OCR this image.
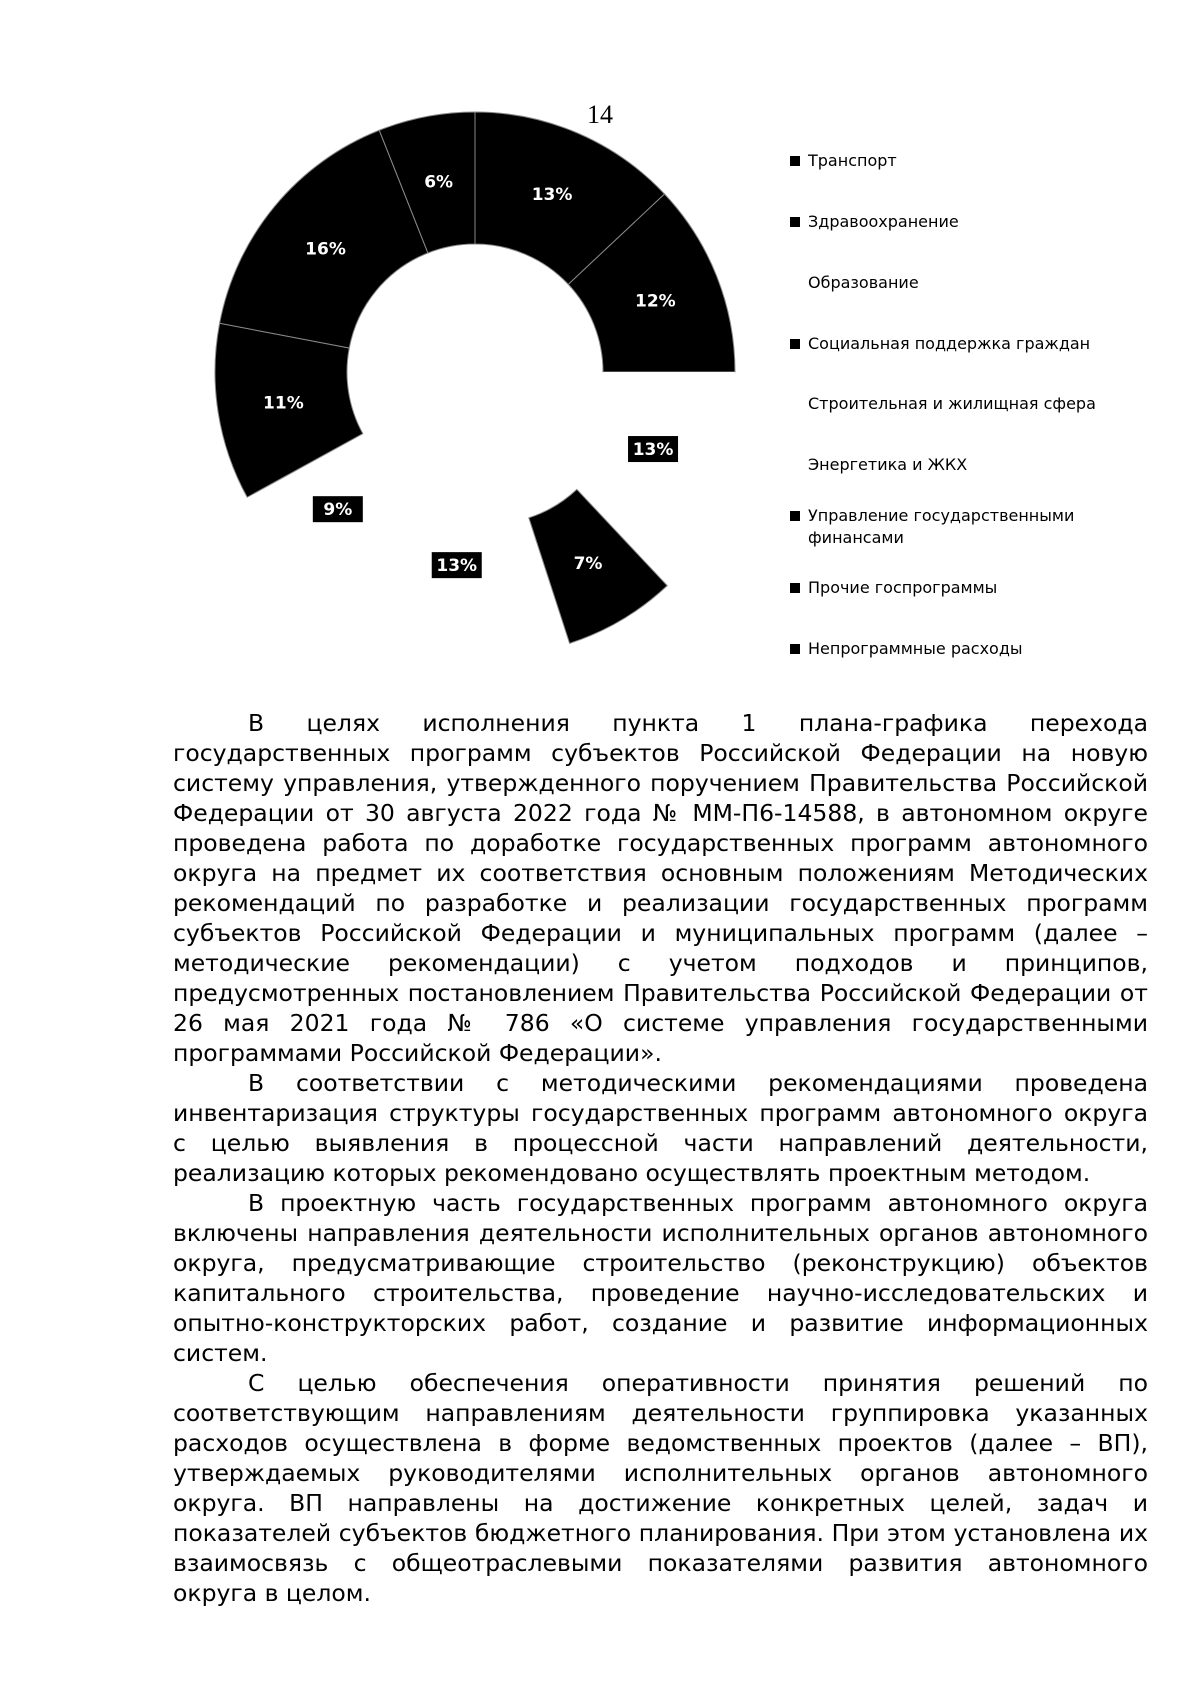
14
13%
12%
13%
7%
13%
9%
11%
16%
6%
Транспорт
Здравоохранение
Образование
Социальная поддержка граждан
Строительная и жилищная сфера
Энергетика и ЖКХ
Управление государственными финансами
Прочие госпрограммы
Непрограммные расходы

В целях исполнения пункта 1 плана-графика перехода государственных программ субъектов Российской Федерации на новую систему управления, утвержденного поручением Правительства Российской Федерации от 30 августа 2022 года № ММ-П6-14588, в автономном округе проведена работа по доработке государственных программ автономного округа на предмет их соответствия основным положениям Методических рекомендаций по разработке и реализации государственных программ субъектов Российской Федерации и муниципальных программ (далее – методические рекомендации) с учетом подходов и принципов, предусмотренных постановлением Правительства Российской Федерации от 26 мая 2021 года № 786 «О системе управления государственными программами Российской Федерации».

В соответствии с методическими рекомендациями проведена инвентаризация структуры государственных программ автономного округа с целью выявления в процессной части направлений деятельности, реализацию которых рекомендовано осуществлять проектным методом.

В проектную часть государственных программ автономного округа включены направления деятельности исполнительных органов автономного округа, предусматривающие строительство (реконструкцию) объектов капитального строительства, проведение научно-исследовательских и опытно-конструкторских работ, создание и развитие информационных систем.

С целью обеспечения оперативности принятия решений по соответствующим направлениям деятельности группировка указанных расходов осуществлена в форме ведомственных проектов (далее – ВП), утверждаемых руководителями исполнительных органов автономного округа. ВП направлены на достижение конкретных целей, задач и показателей субъектов бюджетного планирования. При этом установлена их взаимосвязь с общеотраслевыми показателями развития автономного округа в целом.
